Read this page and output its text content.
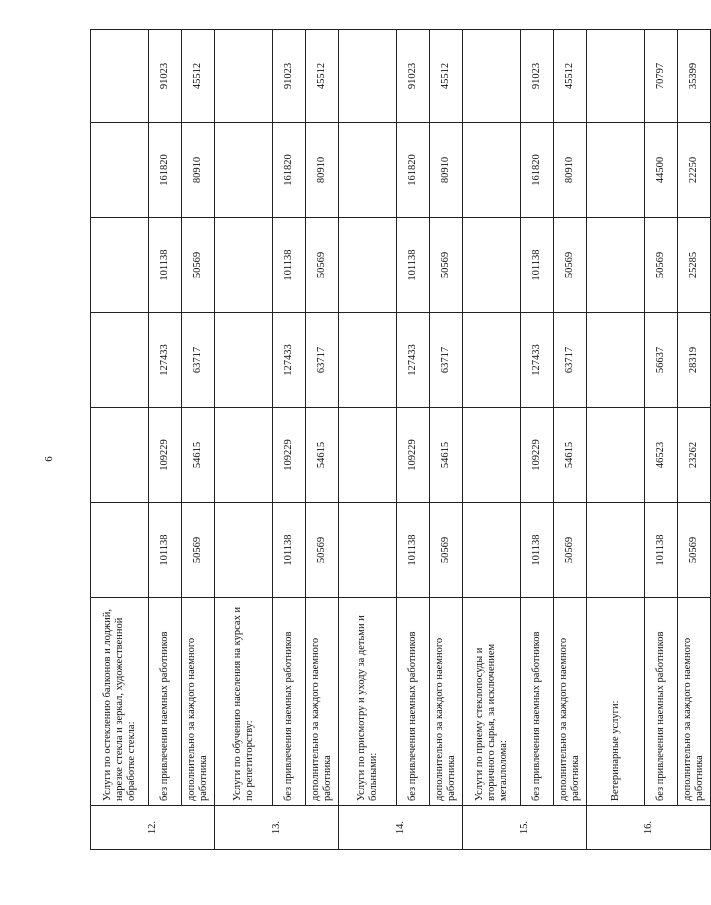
6
12.	Услуги по остеклению балконов и лоджий, нарезке стекла и зеркал, художественной обработке стекла:						
	без привлечения наемных работников	101138	109229	127433	101138	161820	91023
	дополнительно за каждого наемного работника	50569	54615	63717	50569	80910	45512
13.	Услуги по обучению населения на курсах и по репетиторству:						
	без привлечения наемных работников	101138	109229	127433	101138	161820	91023
	дополнительно за каждого наемного работника	50569	54615	63717	50569	80910	45512
14.	Услуги по присмотру и уходу за детьми и больными:						
	без привлечения наемных работников	101138	109229	127433	101138	161820	91023
	дополнительно за каждого наемного работника	50569	54615	63717	50569	80910	45512
15.	Услуги по приему стеклопосуды и вторичного сырья, за исключением металлолома:						
	без привлечения наемных работников	101138	109229	127433	101138	161820	91023
	дополнительно за каждого наемного работника	50569	54615	63717	50569	80910	45512
16.	Ветеринарные услуги:						
	без привлечения наемных работников	101138	46523	56637	50569	44500	70797
	дополнительно за каждого наемного работника	50569	23262	28319	25285	22250	35399
